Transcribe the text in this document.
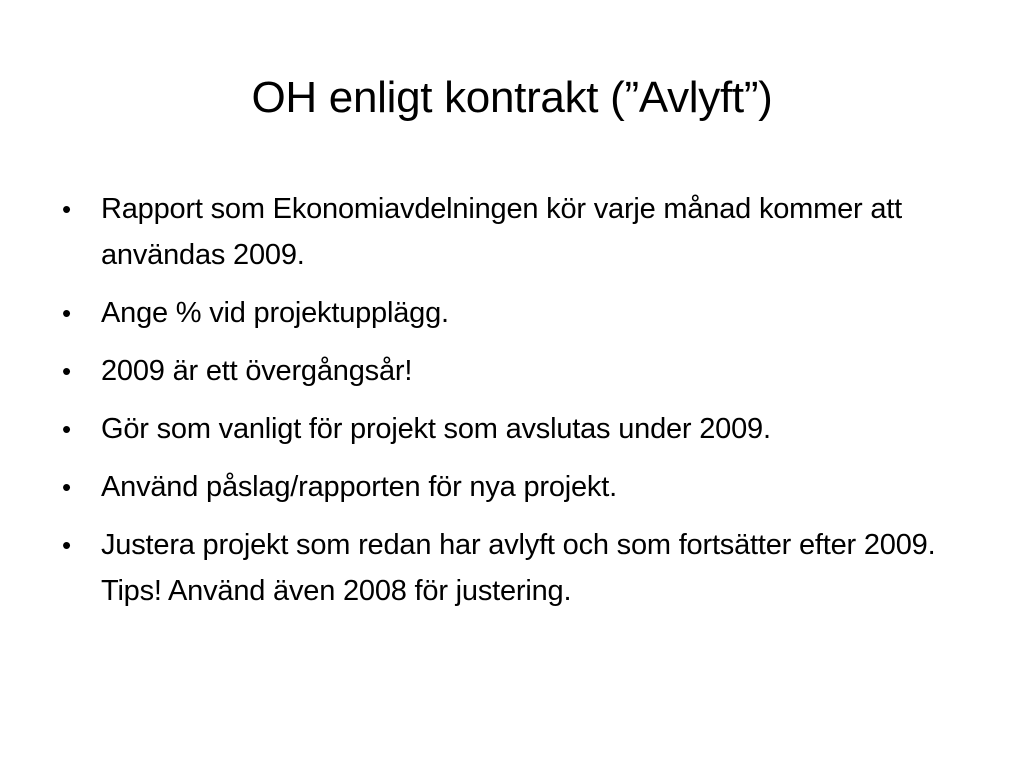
OH enligt kontrakt (”Avlyft”)
• Rapport som Ekonomiavdelningen kör varje månad kommer att användas 2009.
• Ange % vid projektupplägg.
• 2009 är ett övergångsår!
• Gör som vanligt för projekt som avslutas under 2009.
• Använd påslag/rapporten för nya projekt.
• Justera projekt som redan har avlyft och som fortsätter efter 2009. Tips! Använd även 2008 för justering.
